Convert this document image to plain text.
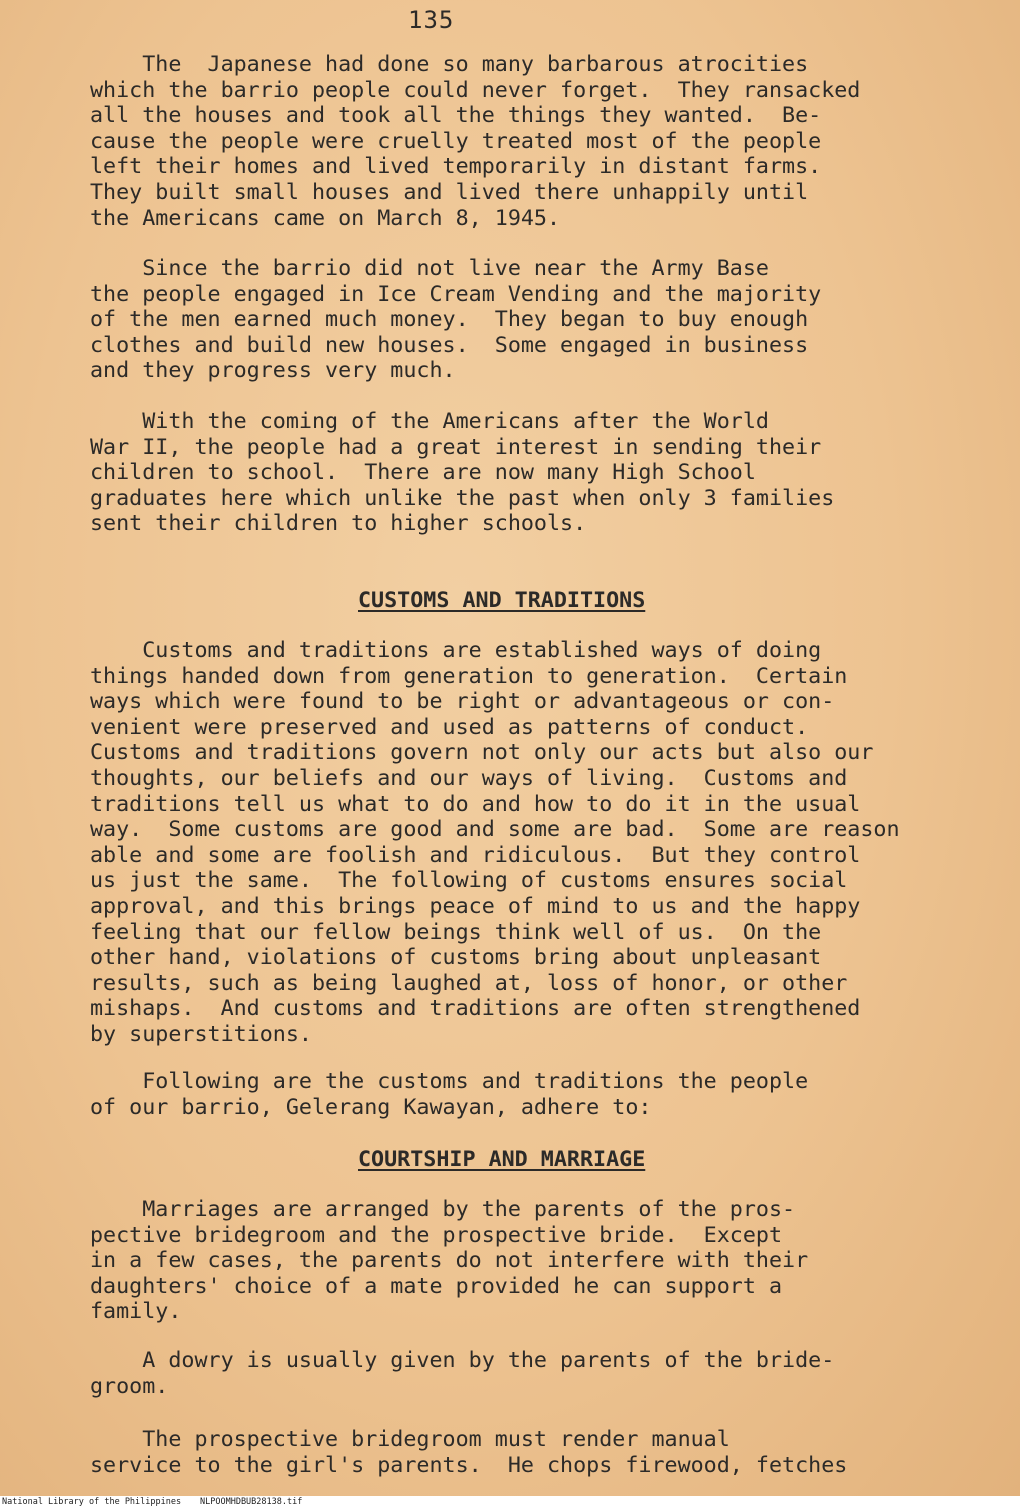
135

The  Japanese had done so many barbarous atrocities
which the barrio people could never forget.  They ransacked
all the houses and took all the things they wanted.  Be-
cause the people were cruelly treated most of the people
left their homes and lived temporarily in distant farms.
They built small houses and lived there unhappily until
the Americans came on March 8, 1945.

Since the barrio did not live near the Army Base
the people engaged in Ice Cream Vending and the majority
of the men earned much money.  They began to buy enough
clothes and build new houses.  Some engaged in business
and they progress very much.

With the coming of the Americans after the World
War II, the people had a great interest in sending their
children to school.  There are now many High School
graduates here which unlike the past when only 3 families
sent their children to higher schools.

CUSTOMS AND TRADITIONS

Customs and traditions are established ways of doing
things handed down from generation to generation.  Certain
ways which were found to be right or advantageous or con-
venient were preserved and used as patterns of conduct.
Customs and traditions govern not only our acts but also our
thoughts, our beliefs and our ways of living.  Customs and
traditions tell us what to do and how to do it in the usual
way.  Some customs are good and some are bad.  Some are reason
able and some are foolish and ridiculous.  But they control
us just the same.  The following of customs ensures social
approval, and this brings peace of mind to us and the happy
feeling that our fellow beings think well of us.  On the
other hand, violations of customs bring about unpleasant
results, such as being laughed at, loss of honor, or other
mishaps.  And customs and traditions are often strengthened
by superstitions.

Following are the customs and traditions the people
of our barrio, Gelerang Kawayan, adhere to:

COURTSHIP AND MARRIAGE

Marriages are arranged by the parents of the pros-
pective bridegroom and the prospective bride.  Except
in a few cases, the parents do not interfere with their
daughters' choice of a mate provided he can support a
family.

A dowry is usually given by the parents of the bride-
groom.

The prospective bridegroom must render manual
service to the girl's parents.  He chops firewood, fetches

National Library of the Philippines NLPOOMHDBUB28138.tif
